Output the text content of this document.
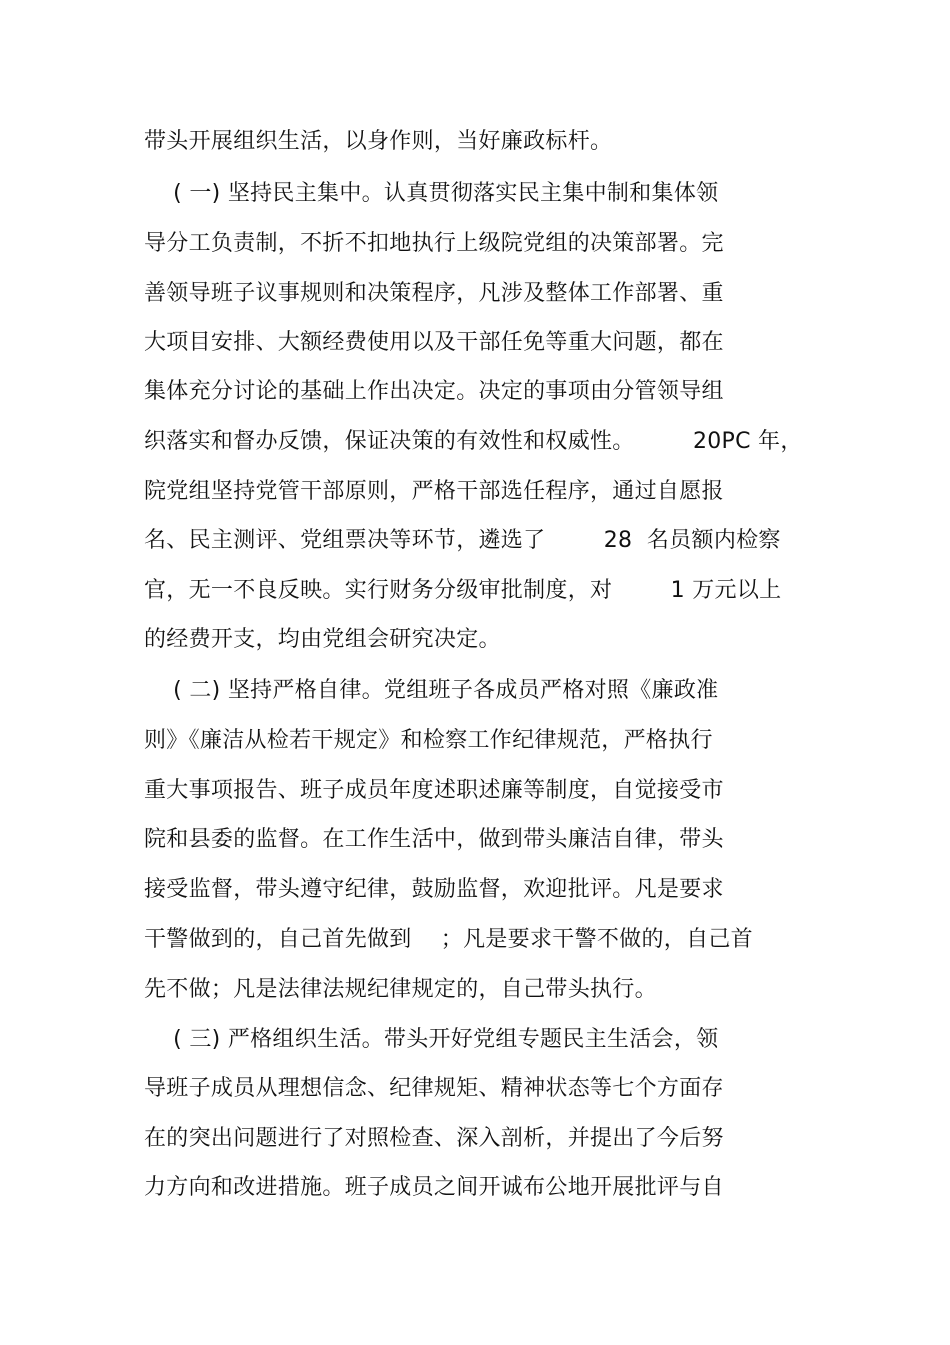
带头开展组织生活，以身作则，当好廉政标杆。
( 一) 坚持民主集中。认真贯彻落实民主集中制和集体领
导分工负责制，不折不扣地执行上级院党组的决策部署。完
善领导班子议事规则和决策程序，凡涉及整体工作部署、重
大项目安排、大额经费使用以及干部任免等重大问题，都在
集体充分讨论的基础上作出决定。决定的事项由分管领导组
织落实和督办反馈，保证决策的有效性和权威性。        20PC 年，
院党组坚持党管干部原则，严格干部选任程序，通过自愿报
名、民主测评、党组票决等环节，遴选了        28  名员额内检察
官，无一不良反映。实行财务分级审批制度，对        1 万元以上
的经费开支，均由党组会研究决定。
( 二) 坚持严格自律。党组班子各成员严格对照《廉政准
则》《廉洁从检若干规定》和检察工作纪律规范，严格执行
重大事项报告、班子成员年度述职述廉等制度，自觉接受市
院和县委的监督。在工作生活中，做到带头廉洁自律，带头
接受监督，带头遵守纪律，鼓励监督，欢迎批评。凡是要求
干警做到的，自己首先做到    ；凡是要求干警不做的，自己首
先不做；凡是法律法规纪律规定的，自己带头执行。
( 三) 严格组织生活。带头开好党组专题民主生活会，领
导班子成员从理想信念、纪律规矩、精神状态等七个方面存
在的突出问题进行了对照检查、深入剖析，并提出了今后努
力方向和改进措施。班子成员之间开诚布公地开展批评与自
